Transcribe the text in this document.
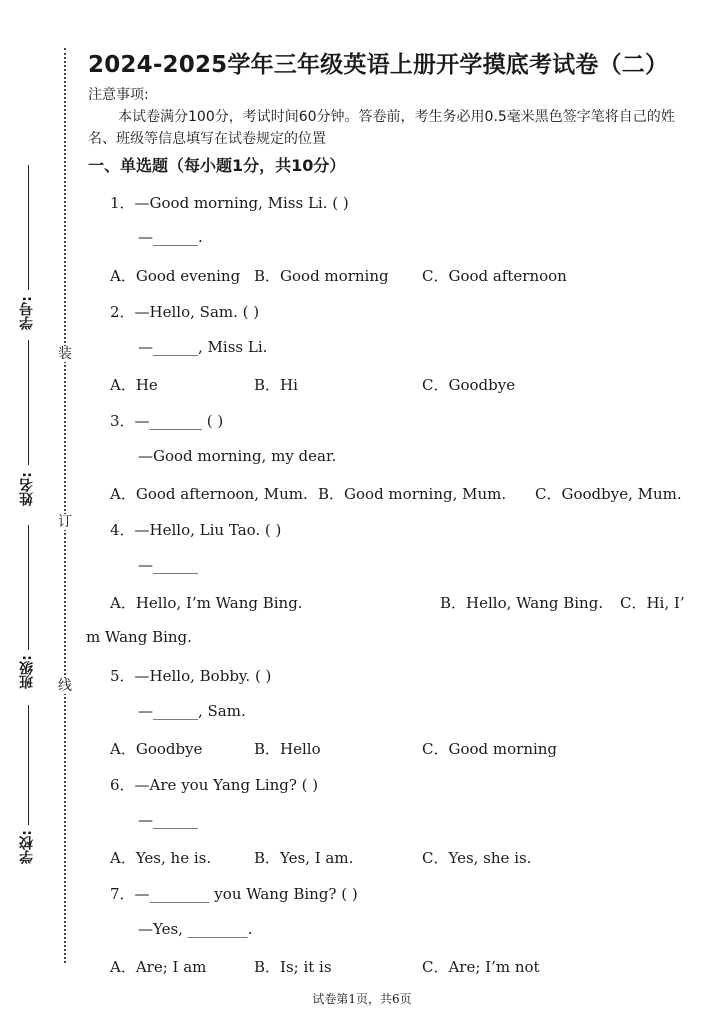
学号:
姓名:
班级:
学校:
装
订
线
2024-2025学年三年级英语上册开学摸底考试卷（二）
注意事项:
本试卷满分100分，考试时间60分钟。答卷前，考生务必用0.5毫米黑色签字笔将自己的姓名、班级等信息填写在试卷规定的位置
一、单选题（每小题1分，共10分）
1．—Good morning, Miss Li. ( )
—______.
A．Good evening B．Good morning C．Good afternoon
2．—Hello, Sam. ( )
—______, Miss Li.
A．He	B．Hi	C．Goodbye
3．—_______ ( )
—Good morning, my dear.
A．Good afternoon, Mum. B．Good morning, Mum. C．Goodbye, Mum.
4．—Hello, Liu Tao. ( )
—______
A．Hello, I’m Wang Bing.	B．Hello, Wang Bing. C．Hi, I’
m Wang Bing.
5．—Hello, Bobby. ( )
—______, Sam.
A．Goodbye	B．Hello	C．Good morning
6．—Are you Yang Ling? ( )
—______
A．Yes, he is.	B．Yes, I am.	C．Yes, she is.
7．—________ you Wang Bing? ( )
—Yes, ________.
A．Are; I am	B．Is; it is	C．Are; I’m not
试卷第1页，共6页
